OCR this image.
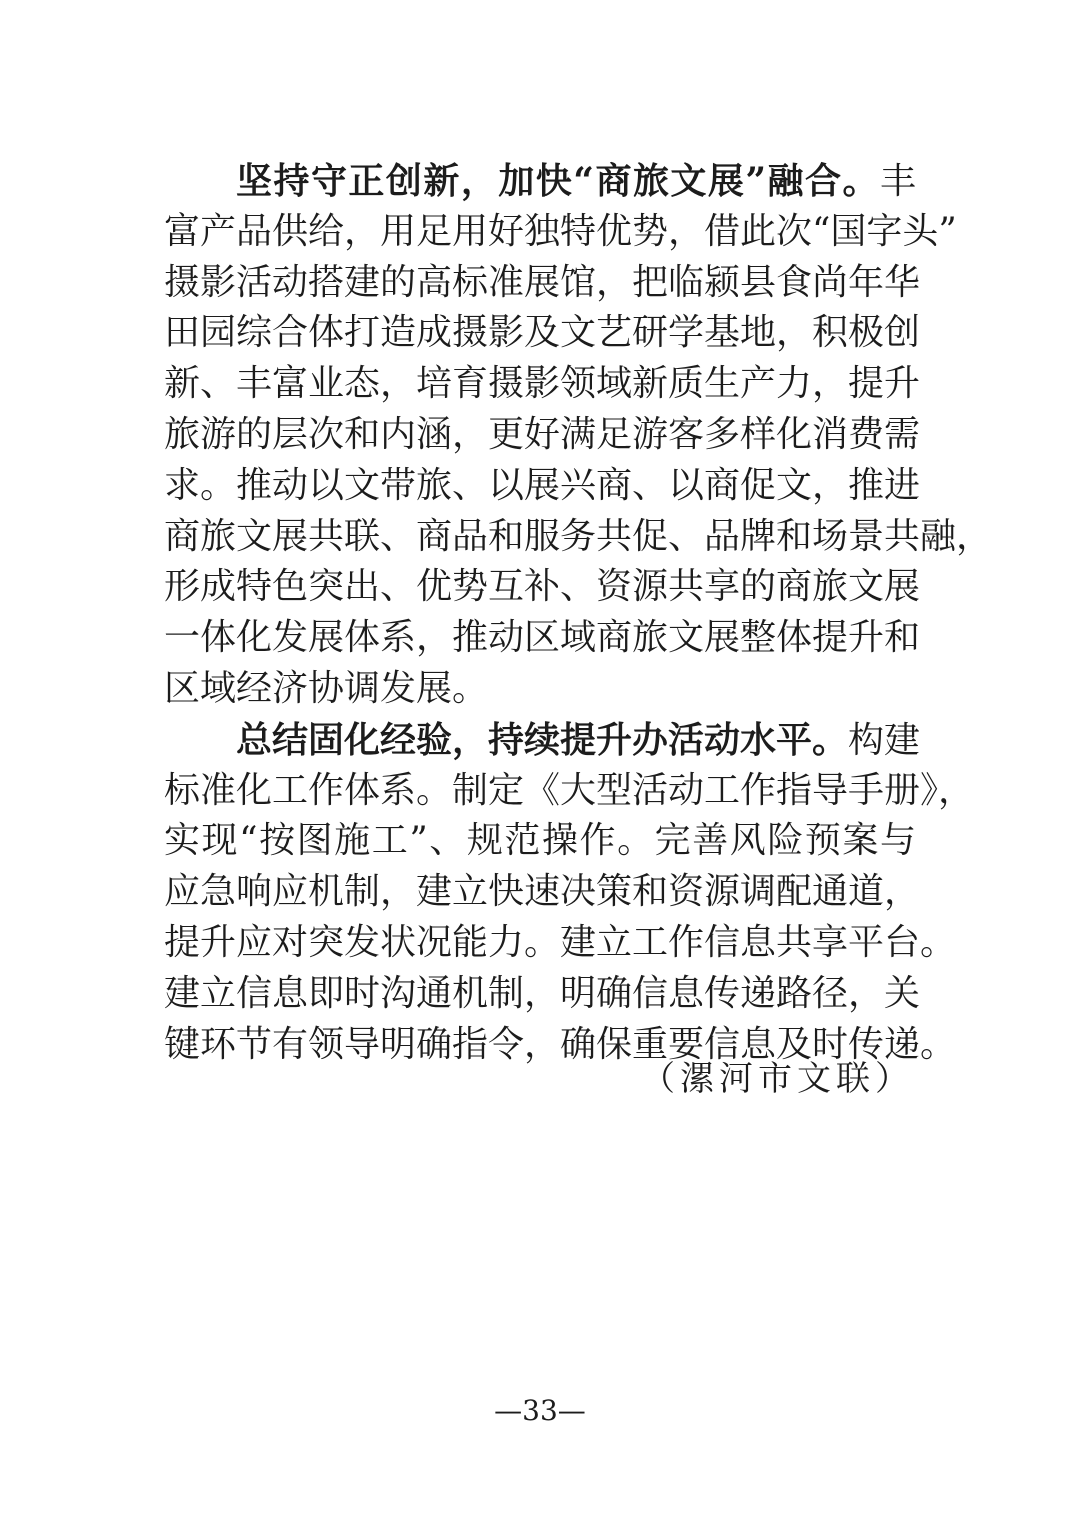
坚持守正创新，加快“商旅文展”融合。丰
富产品供给，用足用好独特优势，借此次“国字头”
摄影活动搭建的高标准展馆，把临颍县食尚年华
田园综合体打造成摄影及文艺研学基地，积极创
新、丰富业态，培育摄影领域新质生产力，提升
旅游的层次和内涵，更好满足游客多样化消费需
求。推动以文带旅、以展兴商、以商促文，推进
商旅文展共联、商品和服务共促、品牌和场景共融，
形成特色突出、优势互补、资源共享的商旅文展
一体化发展体系，推动区域商旅文展整体提升和
区域经济协调发展。
总结固化经验，持续提升办活动水平。构建
标准化工作体系。制定《大型活动工作指导手册》，
实现“按图施工”、规范操作。完善风险预案与
应急响应机制，建立快速决策和资源调配通道，
提升应对突发状况能力。建立工作信息共享平台。
建立信息即时沟通机制，明确信息传递路径，关
键环节有领导明确指令，确保重要信息及时传递。
（漯河市文联）
—33—
